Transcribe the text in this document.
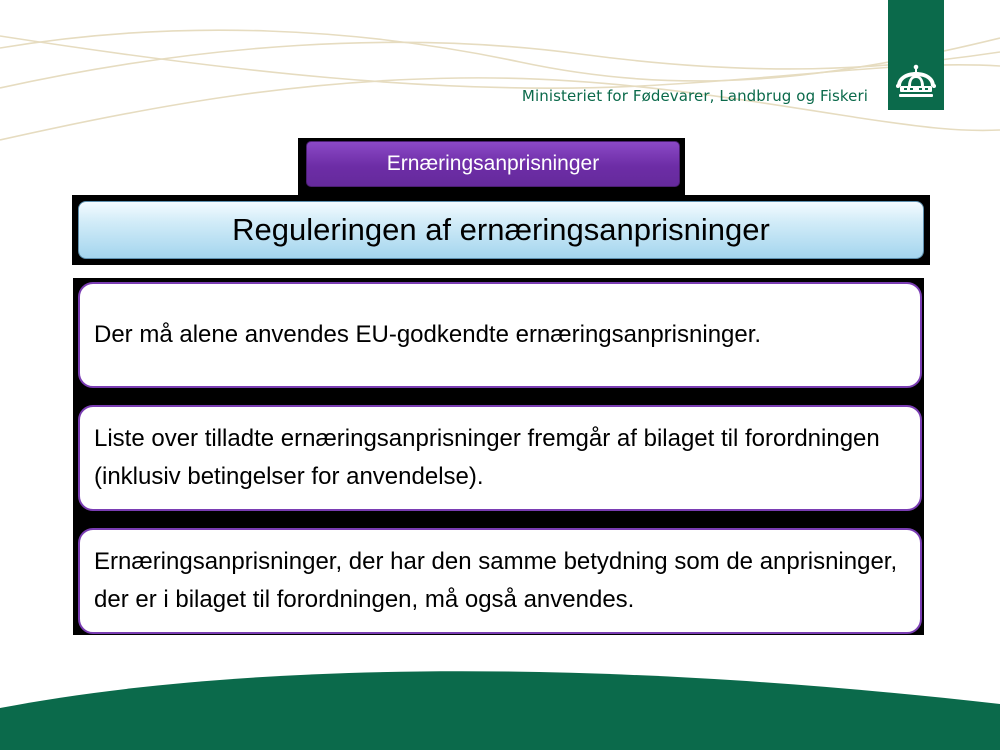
Ministeriet for Fødevarer, Landbrug og Fiskeri
Ernæringsanprisninger
Reguleringen af ernæringsanprisninger

Der må alene anvendes EU-godkendte ernæringsanprisninger.

Liste over tilladte ernæringsanprisninger fremgår af bilaget til forordningen (inklusiv betingelser for anvendelse).

Ernæringsanprisninger, der har den samme betydning som de anprisninger, der er i bilaget til forordningen, må også anvendes.
